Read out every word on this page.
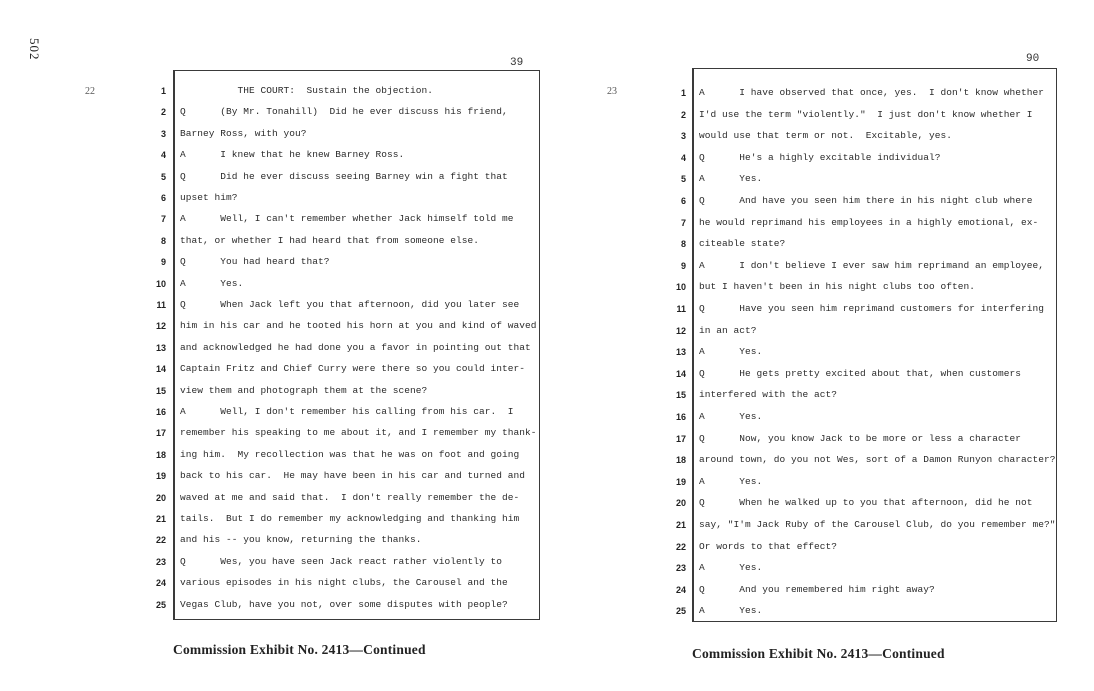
502
39
22	1 THE COURT:  Sustain the objection.
2 Q      (By Mr. Tonahill)  Did he ever discuss his friend,
3 Barney Ross, with you?
4 A      I knew that he knew Barney Ross.
5 Q      Did he ever discuss seeing Barney win a fight that
6 upset him?
7 A      Well, I can't remember whether Jack himself told me
8 that, or whether I had heard that from someone else.
9 Q      You had heard that?
10 A      Yes.
11 Q      When Jack left you that afternoon, did you later see
12 him in his car and he tooted his horn at you and kind of waved
13 and acknowledged he had done you a favor in pointing out that
14 Captain Fritz and Chief Curry were there so you could inter-
15 view them and photograph them at the scene?
16 A      Well, I don't remember his calling from his car.  I
17 remember his speaking to me about it, and I remember my thank-
18 ing him.  My recollection was that he was on foot and going
19 back to his car.  He may have been in his car and turned and
20 waved at me and said that.  I don't really remember the de-
21 tails.  But I do remember my acknowledging and thanking him
22 and his -- you know, returning the thanks.
23 Q      Wes, you have seen Jack react rather violently to
24 various episodes in his night clubs, the Carousel and the
25 Vegas Club, have you not, over some disputes with people?
Commission Exhibit No. 2413—Continued
90
23	1 A      I have observed that once, yes.  I don't know whether
2 I'd use the term "violently."  I just don't know whether I
3 would use that term or not.  Excitable, yes.
4 Q      He's a highly excitable individual?
5 A      Yes.
6 Q      And have you seen him there in his night club where
7 he would reprimand his employees in a highly emotional, ex-
8 citeable state?
9 A      I don't believe I ever saw him reprimand an employee,
10 but I haven't been in his night clubs too often.
11 Q      Have you seen him reprimand customers for interfering
12 in an act?
13 A      Yes.
14 Q      He gets pretty excited about that, when customers
15 interfered with the act?
16 A      Yes.
17 Q      Now, you know Jack to be more or less a character
18 around town, do you not Wes, sort of a Damon Runyon character?
19 A      Yes.
20 Q      When he walked up to you that afternoon, did he not
21 say, "I'm Jack Ruby of the Carousel Club, do you remember me?"
22 Or words to that effect?
23 A      Yes.
24 Q      And you remembered him right away?
25 A      Yes.
Commission Exhibit No. 2413—Continued
